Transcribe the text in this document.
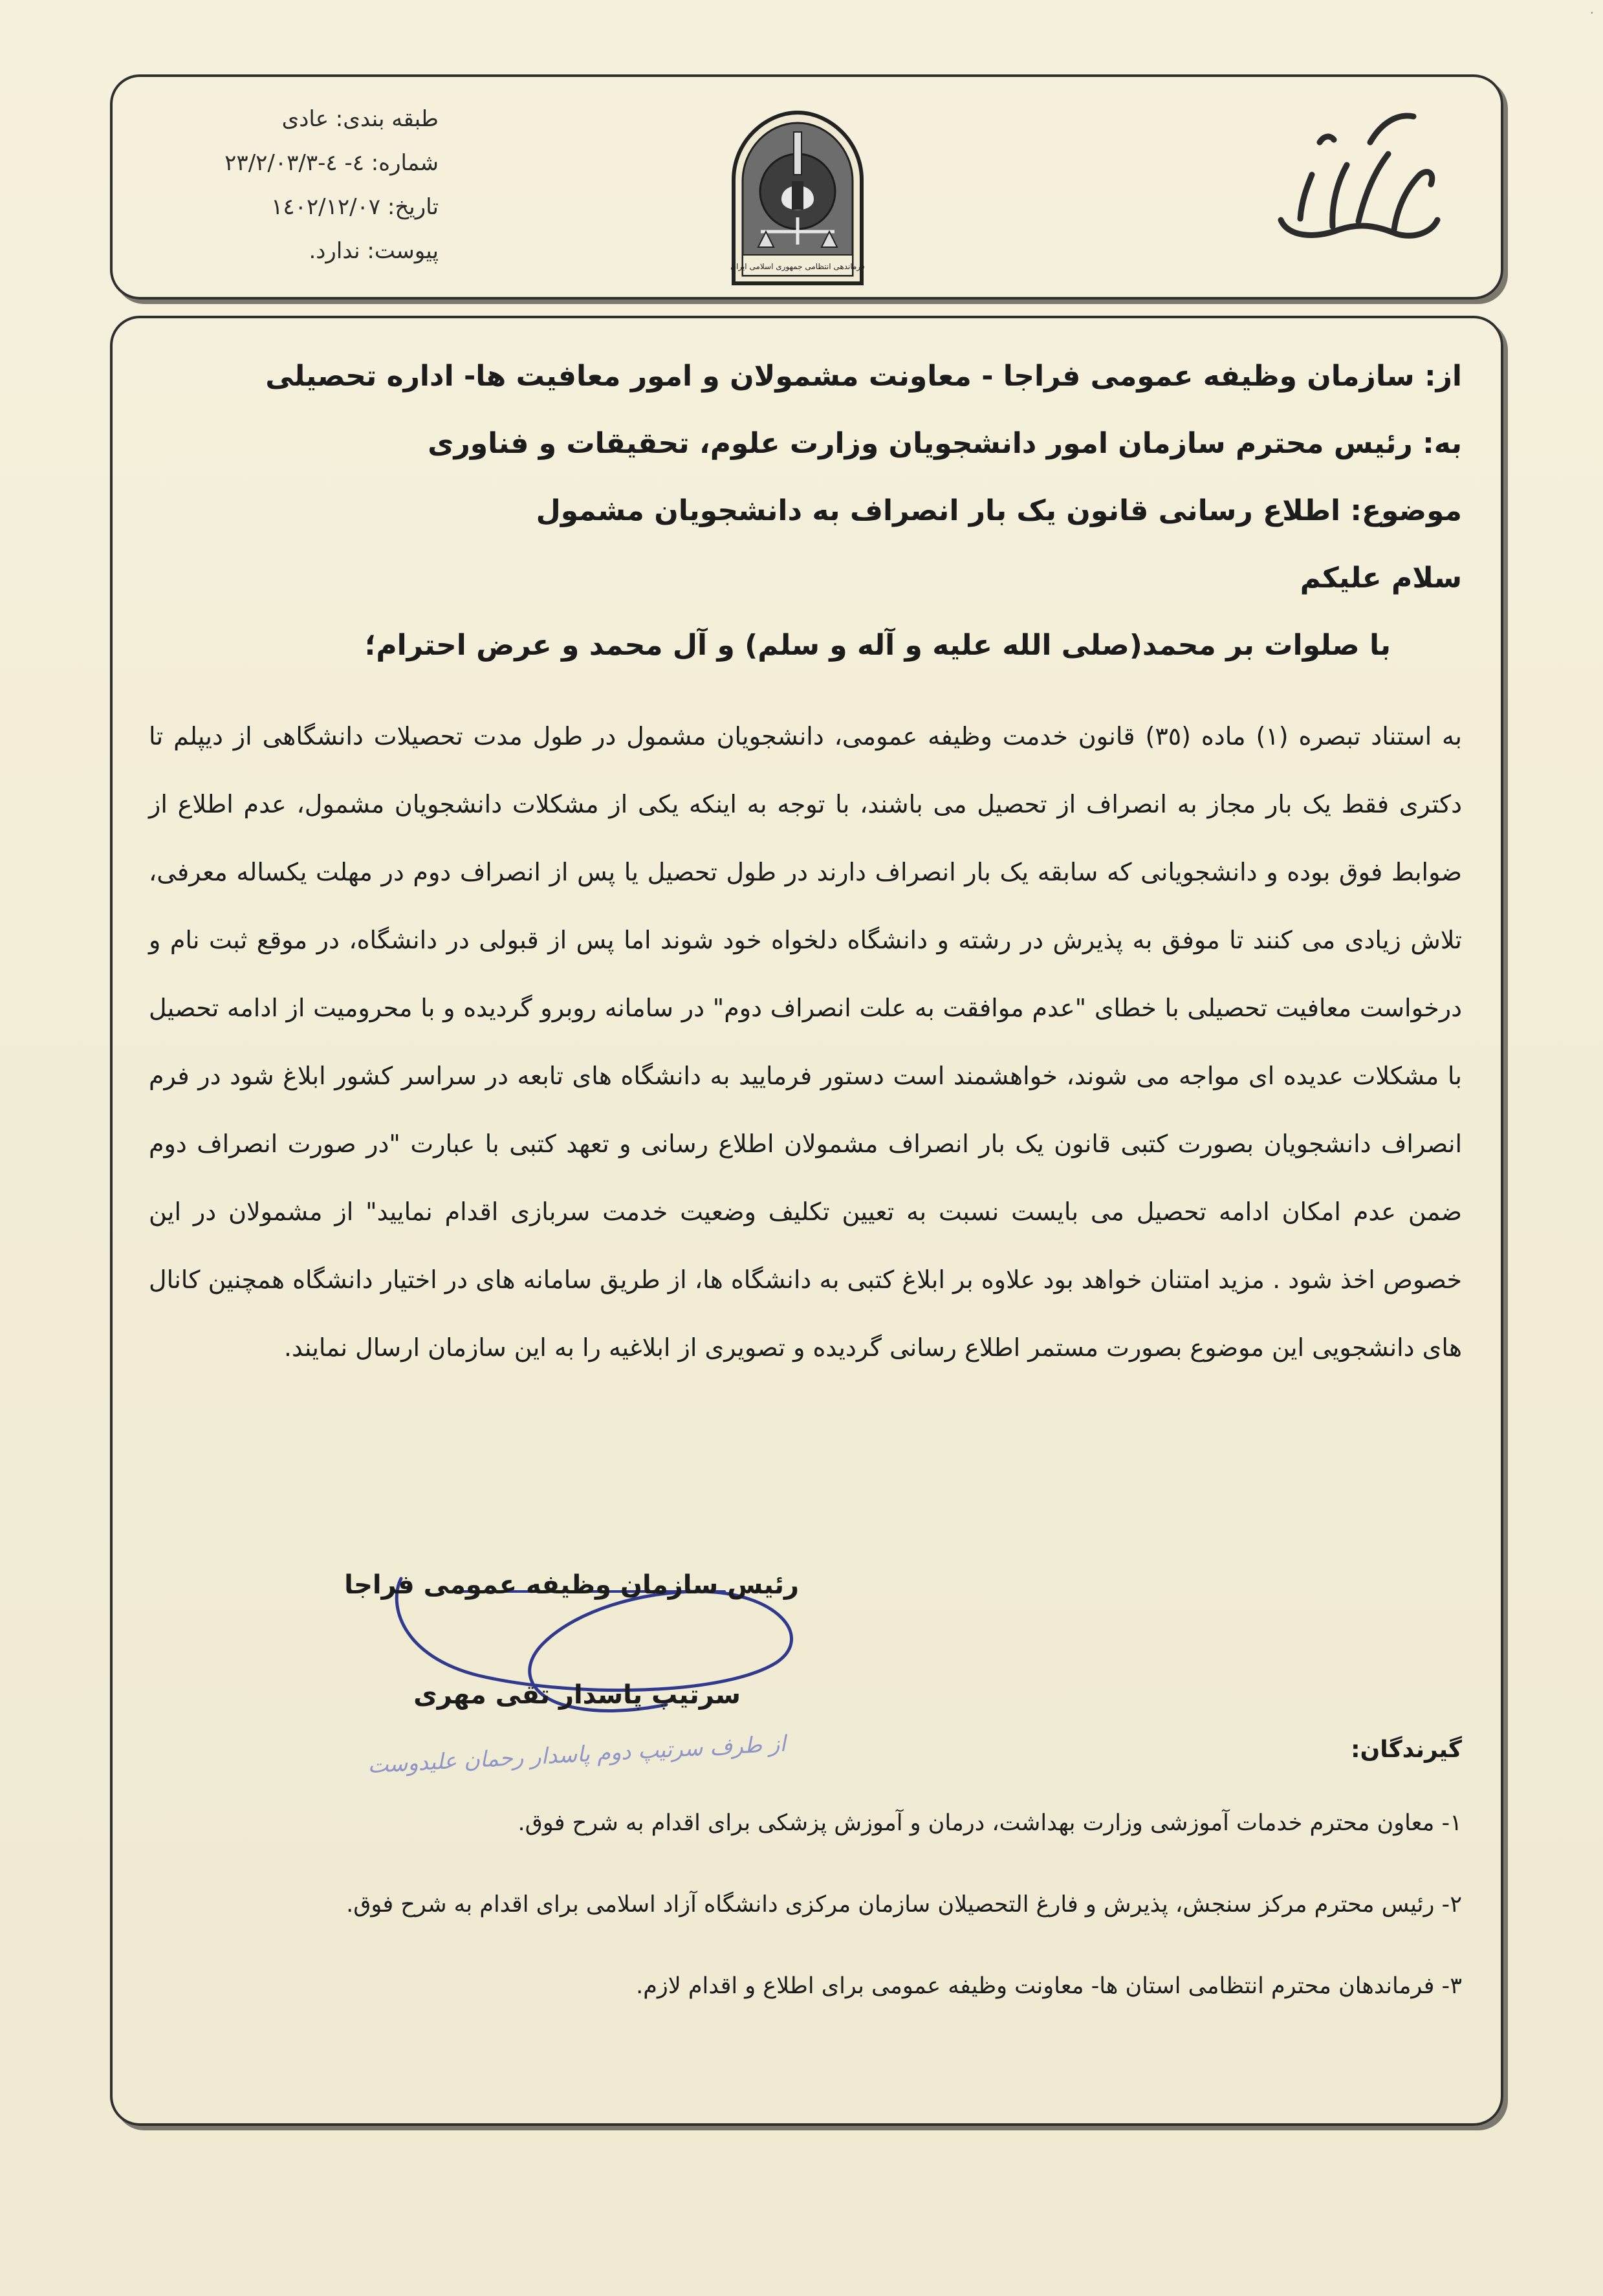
·
فرماندهی انتظامی جمهوری اسلامی ایران
طبقه بندی: عادی
شماره: ٤- ٤-٢٣/٢/٠٣/٣
تاریخ: ١٤٠٢/١٢/٠٧
پیوست: ندارد.

از: سازمان وظیفه عمومی فراجا - معاونت مشمولان و امور معافیت ها- اداره تحصیلی

به: رئیس محترم سازمان امور دانشجویان وزارت علوم، تحقیقات و فناوری

موضوع: اطلاع رسانی قانون یک بار انصراف به دانشجویان مشمول

سلام علیکم

با صلوات بر محمد(صلی الله علیه و آله و سلم) و آل محمد و عرض احترام؛

به استناد تبصره (١) ماده (٣٥) قانون خدمت وظیفه عمومی، دانشجویان مشمول در طول مدت تحصیلات دانشگاهی از دیپلم تا دکتری فقط یک بار مجاز به انصراف از تحصیل می باشند، با توجه به اینکه یکی از مشکلات دانشجویان مشمول، عدم اطلاع از ضوابط فوق بوده و دانشجویانی که سابقه یک بار انصراف دارند در طول تحصیل یا پس از انصراف دوم در مهلت یکساله معرفی، تلاش زیادی می کنند تا موفق به پذیرش در رشته و دانشگاه دلخواه خود شوند اما پس از قبولی در دانشگاه، در موقع ثبت نام و درخواست معافیت تحصیلی با خطای "عدم موافقت به علت انصراف دوم" در سامانه روبرو گردیده و با محرومیت از ادامه تحصیل با مشکلات عدیده ای مواجه می شوند، خواهشمند است دستور فرمایید به دانشگاه های تابعه در سراسر کشور ابلاغ شود در فرم انصراف دانشجویان بصورت کتبی قانون یک بار انصراف مشمولان اطلاع رسانی و تعهد کتبی با عبارت "در صورت انصراف دوم ضمن عدم امکان ادامه تحصیل می بایست نسبت به تعیین تکلیف وضعیت خدمت سربازی اقدام نمایید" از مشمولان در این خصوص اخذ شود . مزید امتنان خواهد بود علاوه بر ابلاغ کتبی به دانشگاه ها، از طریق سامانه های در اختیار دانشگاه همچنین کانال های دانشجویی این موضوع بصورت مستمر اطلاع رسانی گردیده و تصویری از ابلاغیه را به این سازمان ارسال نمایند.
رئیس سازمان وظیفه عمومی فراجا
سرتیپ پاسدار تقی مهری
از طرف سرتیپ دوم پاسدار رحمان علیدوست	گیرندگان:
١- معاون محترم خدمات آموزشی وزارت بهداشت، درمان و آموزش پزشکی برای اقدام به شرح فوق.
٢- رئیس محترم مرکز سنجش، پذیرش و فارغ التحصیلان سازمان مرکزی دانشگاه آزاد اسلامی برای اقدام به شرح فوق.
٣- فرماندهان محترم انتظامی استان ها- معاونت وظیفه عمومی برای اطلاع و اقدام لازم.
